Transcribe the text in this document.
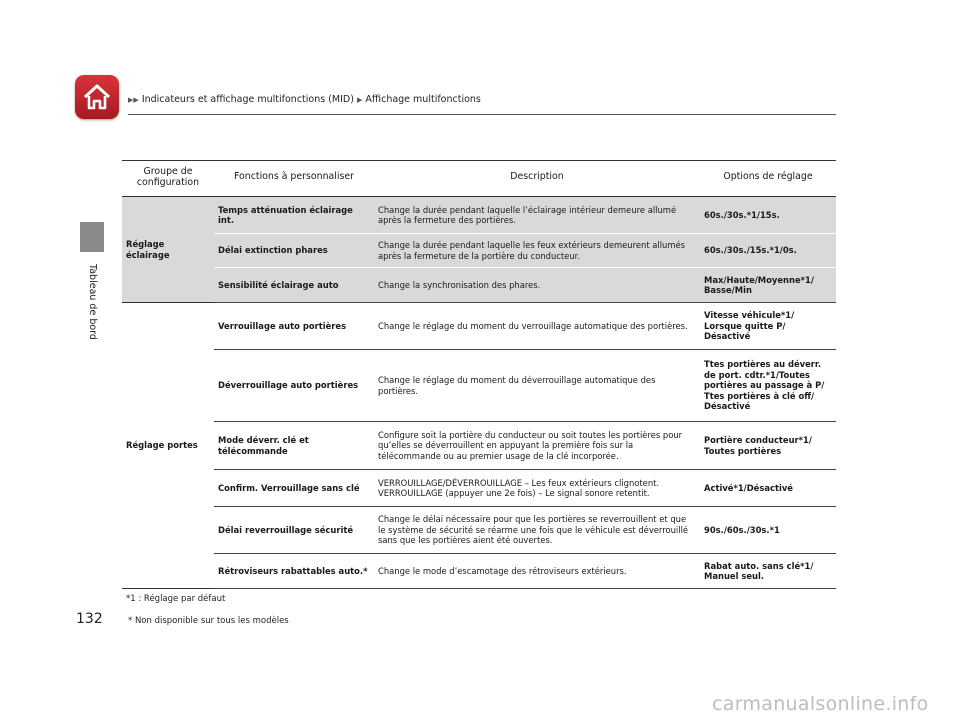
▶▶ Indicateurs et affichage multifonctions (MID) ▶ Affichage multifonctions
Tableau de bord
132
Groupe de configuration	Fonctions à personnaliser	Description	Options de réglage
Réglage éclairage	Temps atténuation éclairage int.	Change la durée pendant laquelle l’éclairage intérieur demeure allumé après la fermeture des portières.	60s./30s.*1/15s.
	Délai extinction phares	Change la durée pendant laquelle les feux extérieurs demeurent allumés après la fermeture de la portière du conducteur.	60s./30s./15s.*1/0s.
	Sensibilité éclairage auto	Change la synchronisation des phares.	Max/Haute/Moyenne*1/ Basse/Min
Réglage portes	Verrouillage auto portières	Change le réglage du moment du verrouillage automatique des portières.	Vitesse véhicule*1/ Lorsque quitte P/ Désactivé
	Déverrouillage auto portières	Change le réglage du moment du déverrouillage automatique des portières.	Ttes portières au déverr. de port. cdtr.*1/Toutes portières au passage à P/ Ttes portières à clé off/ Désactivé
	Mode déverr. clé et télécommande	Configure soit la portière du conducteur ou soit toutes les portières pour qu’elles se déverrouillent en appuyant la première fois sur la télécommande ou au premier usage de la clé incorporée.	Portière conducteur*1/ Toutes portières
	Confirm. Verrouillage sans clé	VERROUILLAGE/DÉVERROUILLAGE – Les feux extérieurs clignotent. VERROUILLAGE (appuyer une 2e fois) – Le signal sonore retentit.	Activé*1/Désactivé
	Délai reverrouillage sécurité	Change le délai nécessaire pour que les portières se reverrouillent et que le système de sécurité se réarme une fois que le véhicule est déverrouillé sans que les portières aient été ouvertes.	90s./60s./30s.*1
	Rétroviseurs rabattables auto.*	Change le mode d’escamotage des rétroviseurs extérieurs.	Rabat auto. sans clé*1/ Manuel seul.
*1 : Réglage par défaut
* Non disponible sur tous les modèles
carmanualsonline.info
